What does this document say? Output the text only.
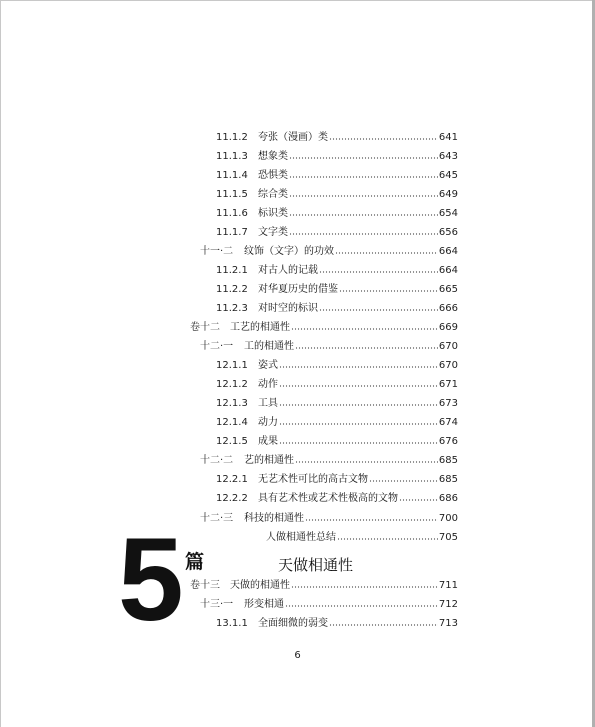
11.1.2	夸张（漫画）类	641
11.1.3	想象类	643
11.1.4	恐惧类	645
11.1.5	综合类	649
11.1.6	标识类	654
11.1.7	文字类	656
十一·二	纹饰（文字）的功效	664
11.2.1	对古人的记载	664
11.2.2	对华夏历史的借鉴	665
11.2.3	对时空的标识	666
卷十二	工艺的相通性	669
十二·一	工的相通性	670
12.1.1	姿式	670
12.1.2	动作	671
12.1.3	工具	673
12.1.4	动力	674
12.1.5	成果	676
十二·二	艺的相通性	685
12.2.1	无艺术性可比的高古文物	685
12.2.2	具有艺术性或艺术性极高的文物	686
十二·三	科技的相通性	700
人做相通性总结	705
5 篇	天做相通性
卷十三	天做的相通性	711
十三·一	形变相通	712
13.1.1	全面细微的弱变	713
6
